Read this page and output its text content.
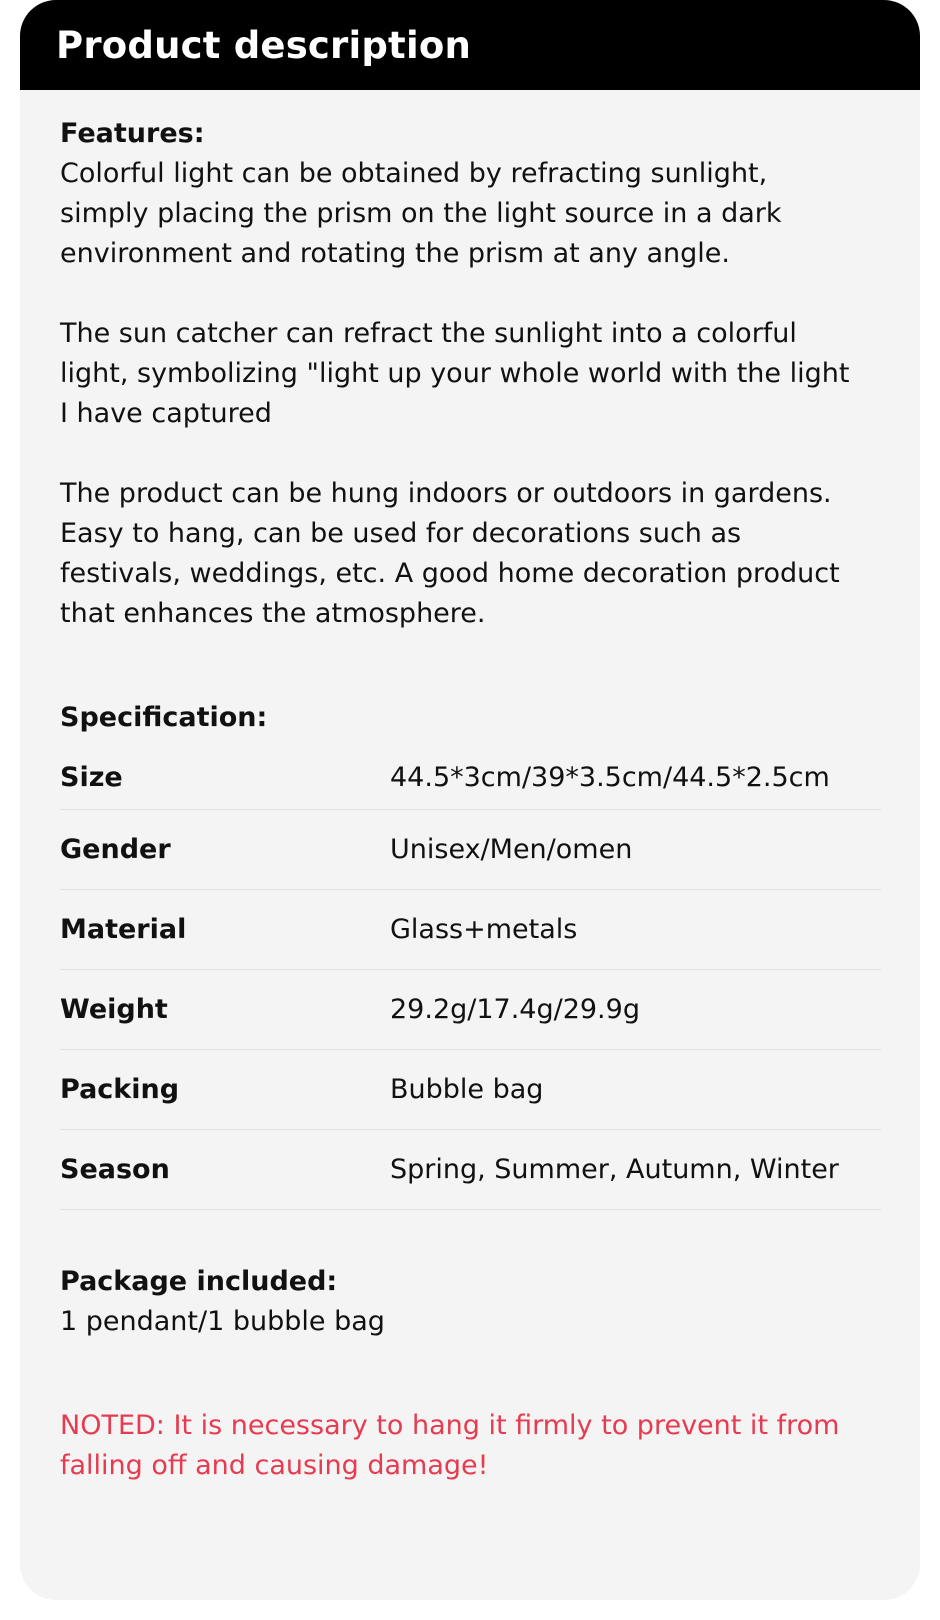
Product description

Features:

Colorful light can be obtained by refracting sunlight,
simply placing the prism on the light source in a dark
environment and rotating the prism at any angle.

The sun catcher can refract the sunlight into a colorful
light, symbolizing "light up your whole world with the light
I have captured

The product can be hung indoors or outdoors in gardens.
Easy to hang, can be used for decorations such as
festivals, weddings, etc. A good home decoration product
that enhances the atmosphere.

Specification:

Size	44.5*3cm/39*3.5cm/44.5*2.5cm
Gender	Unisex/Men/omen
Material	Glass+metals
Weight	29.2g/17.4g/29.9g
Packing	Bubble bag
Season	Spring, Summer, Autumn, Winter

Package included:

1 pendant/1 bubble bag

NOTED: It is necessary to hang it firmly to prevent it from
falling off and causing damage!
